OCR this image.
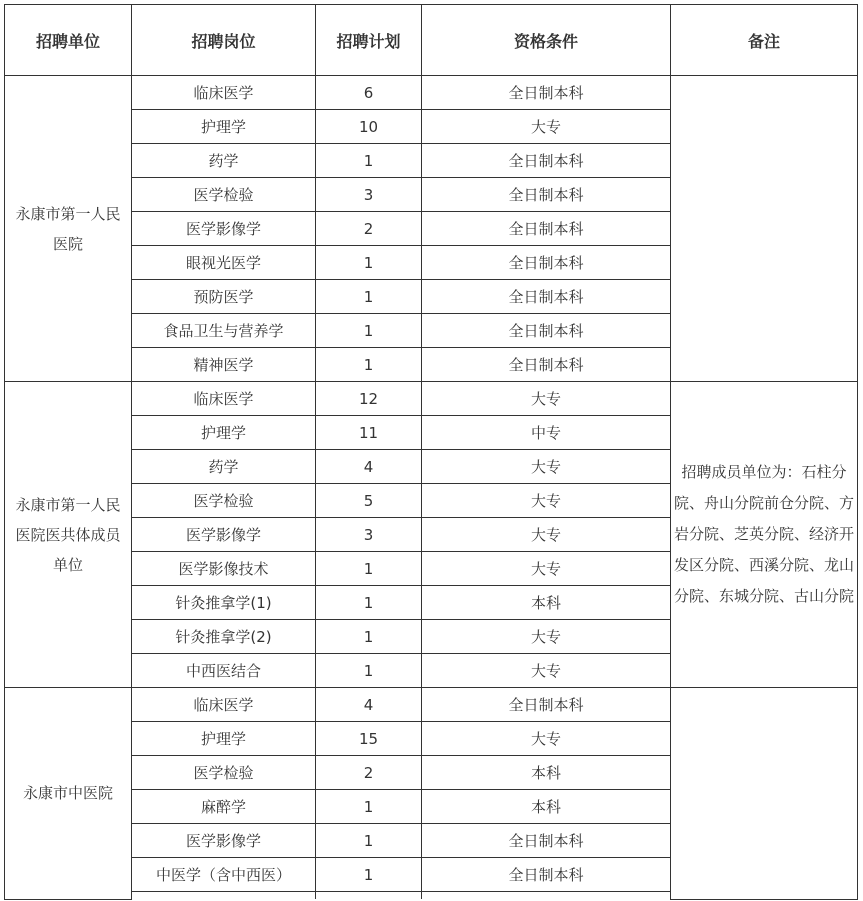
招聘单位	招聘岗位	招聘计划	资格条件	备注
永康市第一人民医院	临床医学	6	全日制本科	
	护理学	10	大专	
	药学	1	全日制本科	
	医学检验	3	全日制本科	
	医学影像学	2	全日制本科	
	眼视光医学	1	全日制本科	
	预防医学	1	全日制本科	
	食品卫生与营养学	1	全日制本科	
	精神医学	1	全日制本科	
永康市第一人民医院医共体成员单位	临床医学	12	大专	招聘成员单位为：石柱分院、舟山分院前仓分院、方岩分院、芝英分院、经济开发区分院、西溪分院、龙山分院、东城分院、古山分院
	护理学	11	中专	
	药学	4	大专	
	医学检验	5	大专	
	医学影像学	3	大专	
	医学影像技术	1	大专	
	针灸推拿学(1)	1	本科	
	针灸推拿学(2)	1	大专	
	中西医结合	1	大专	
永康市中医院	临床医学	4	全日制本科	
	护理学	15	大专	
	医学检验	2	本科	
	麻醉学	1	本科	
	医学影像学	1	全日制本科	
	中医学（含中西医）	1	全日制本科	
